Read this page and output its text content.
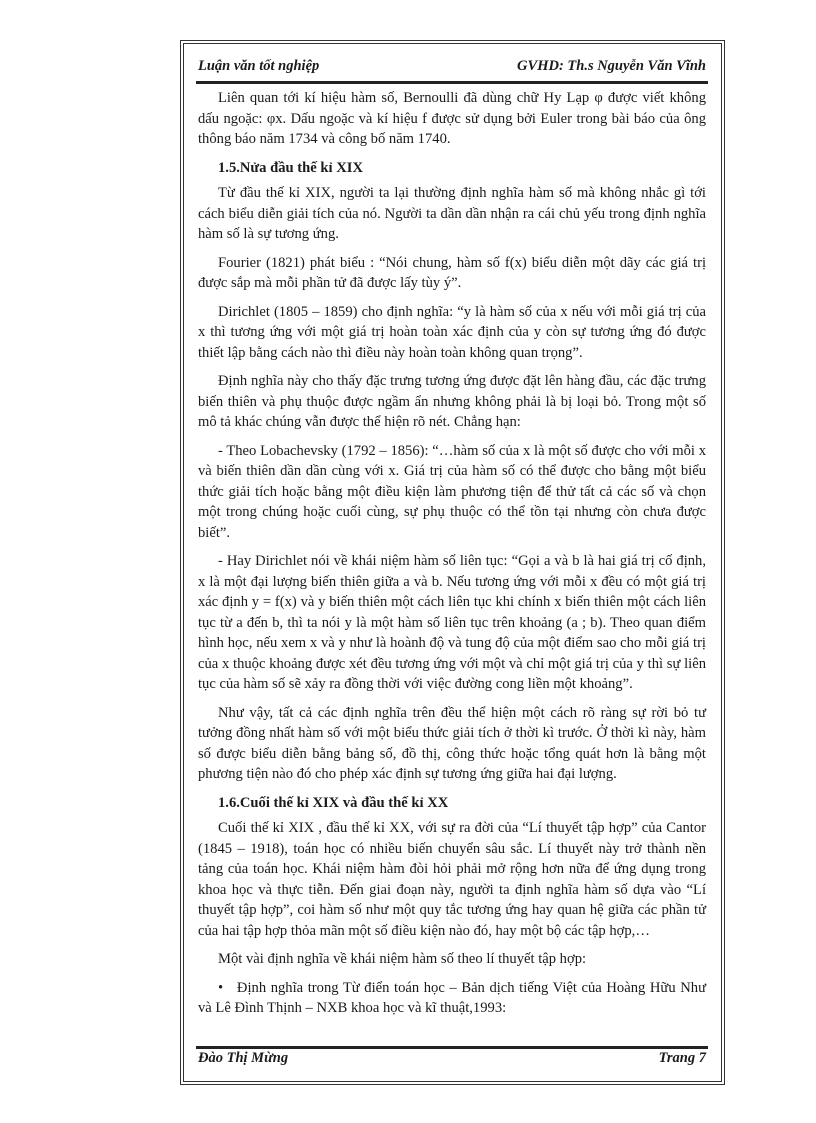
Luận văn tốt nghiệp	GVHD: Th.s Nguyễn Văn Vĩnh

Liên quan tới kí hiệu hàm số, Bernoulli đã dùng chữ Hy Lạp φ được viết không dấu ngoặc: φx. Dấu ngoặc và kí hiệu f được sử dụng bởi Euler trong bài báo của ông thông báo năm 1734 và công bố năm 1740.

1.5.Nửa đầu thế kỉ XIX

Từ đầu thế kỉ XIX, người ta lại thường định nghĩa hàm số mà không nhắc gì tới cách biểu diễn giải tích của nó. Người ta dần dần nhận ra cái chủ yếu trong định nghĩa hàm số là sự tương ứng.

Fourier (1821) phát biểu : “Nói chung, hàm số f(x) biểu diễn một dãy các giá trị được sắp mà mỗi phần tử đã được lấy tùy ý”.

Dirichlet (1805 – 1859) cho định nghĩa: “y là hàm số của x nếu với mỗi giá trị của x thì tương ứng với một giá trị hoàn toàn xác định của y còn sự tương ứng đó được thiết lập bằng cách nào thì điều này hoàn toàn không quan trọng”.

Định nghĩa này cho thấy đặc trưng tương ứng được đặt lên hàng đầu, các đặc trưng biến thiên và phụ thuộc được ngầm ẩn nhưng không phải là bị loại bỏ. Trong một số mô tả khác chúng vẫn được thể hiện rõ nét. Chẳng hạn:

- Theo Lobachevsky (1792 – 1856): “…hàm số của x là một số được cho với mỗi x và biến thiên dần dần cùng với x. Giá trị của hàm số có thể được cho bằng một biểu thức giải tích hoặc bằng một điều kiện làm phương tiện để thử tất cả các số và chọn một trong chúng hoặc cuối cùng, sự phụ thuộc có thể tồn tại nhưng còn chưa được biết”.

- Hay Dirichlet nói về khái niệm hàm số liên tục: “Gọi a và b là hai giá trị cố định, x là một đại lượng biến thiên giữa a và b. Nếu tương ứng với mỗi x đều có một giá trị xác định y = f(x) và y biến thiên một cách liên tục khi chính x biến thiên một cách liên tục từ a đến b, thì ta nói y là một hàm số liên tục trên khoảng (a ; b). Theo quan điểm hình học, nếu xem x và y như là hoành độ và tung độ của một điểm sao cho mỗi giá trị của x thuộc khoảng được xét đều tương ứng với một và chỉ một giá trị của y thì sự liên tục của hàm số sẽ xảy ra đồng thời với việc đường cong liền một khoảng”.

Như vậy, tất cả các định nghĩa trên đều thể hiện một cách rõ ràng sự rời bỏ tư tưởng đồng nhất hàm số với một biểu thức giải tích ở thời kì trước. Ở thời kì này, hàm số được biểu diễn bằng bảng số, đồ thị, công thức hoặc tổng quát hơn là bằng một phương tiện nào đó cho phép xác định sự tương ứng giữa hai đại lượng.

1.6.Cuối thế kỉ XIX và đầu thế kỉ XX

Cuối thế kỉ XIX , đầu thế kỉ XX, với sự ra đời của “Lí thuyết tập hợp” của Cantor (1845 – 1918), toán học có nhiều biến chuyển sâu sắc. Lí thuyết này trở thành nền tảng của toán học. Khái niệm hàm đòi hỏi phải mở rộng hơn nữa để ứng dụng trong khoa học và thực tiễn. Đến giai đoạn này, người ta định nghĩa hàm số dựa vào “Lí thuyết tập hợp”, coi hàm số như một quy tắc tương ứng hay quan hệ giữa các phần tử của hai tập hợp thỏa mãn một số điều kiện nào đó, hay một bộ các tập hợp,…

Một vài định nghĩa về khái niệm hàm số theo lí thuyết tập hợp:

•   Định nghĩa trong Từ điển toán học – Bản dịch tiếng Việt của Hoàng Hữu Như và Lê Đình Thịnh – NXB khoa học và kĩ thuật,1993:

Đào Thị Mừng	Trang 7
